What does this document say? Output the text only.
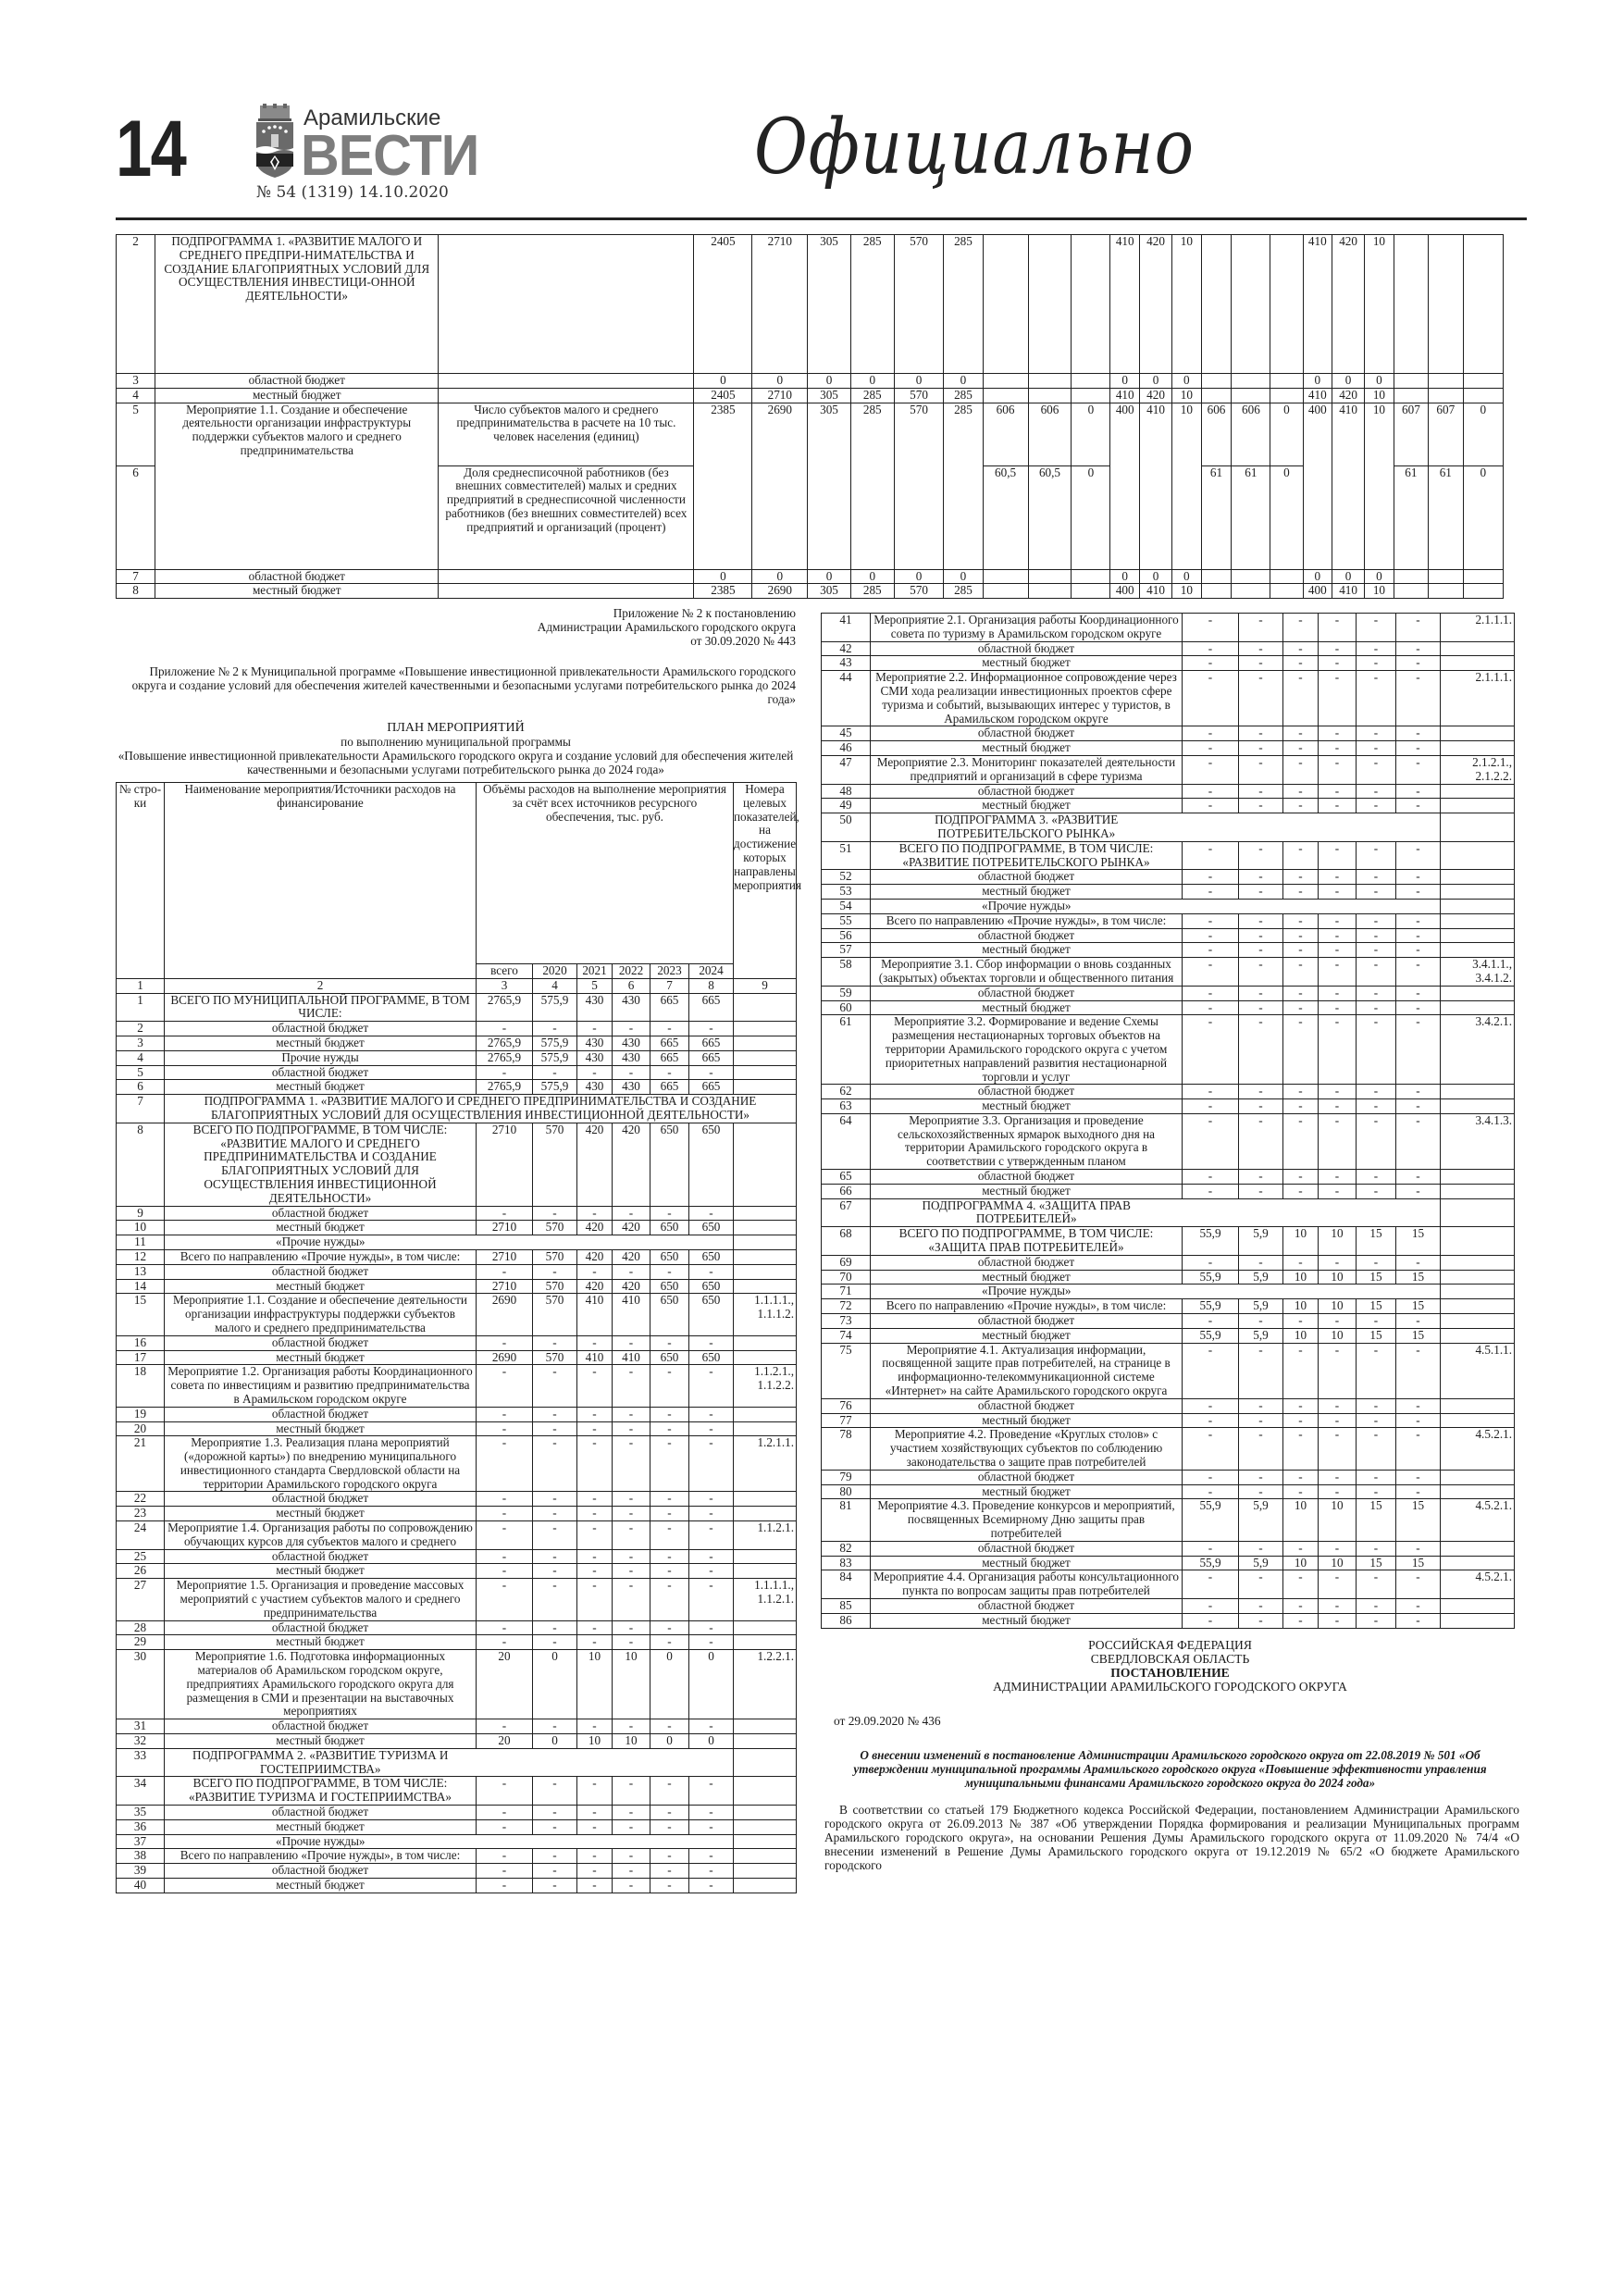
14	Арамильские
ВЕСТИ
№ 54 (1319) 14.10.2020
Официально
2	ПОДПРОГРАММА 1. «РАЗВИТИЕ МАЛОГО И СРЕДНЕГО ПРЕДПРИ-НИМАТЕЛЬСТВА И СОЗДАНИЕ БЛАГОПРИЯТНЫХ УСЛОВИЙ ДЛЯ ОСУЩЕСТВЛЕНИЯ ИНВЕСТИЦИ-ОННОЙ ДЕЯТЕЛЬНОСТИ»		2405	2710	305	285	570	285				410	420	10				410	420	10			
3	областной бюджет		0	0	0	0	0	0				0	0	0				0	0	0			
4	местный бюджет		2405	2710	305	285	570	285				410	420	10				410	420	10			
5	Мероприятие 1.1. Создание и обеспечение деятельности организации инфраструктуры поддержки субъектов малого и среднего предпринимательства	Число субъектов малого и среднего предпринимательства в расчете на 10 тыс. человек населения (единиц)	2385	2690	305	285	570	285	606	606	0	400	410	10	606	606	0	400	410	10	607	607	0
6		Доля среднесписочной работников (без внешних совместителей) малых и средних предприятий в среднесписочной численности работников (без внешних совместителей) всех предприятий и организаций (процент)							60,5	60,5	0				61	61	0				61	61	0
7	областной бюджет		0	0	0	0	0	0				0	0	0				0	0	0			
8	местный бюджет		2385	2690	305	285	570	285				400	410	10				400	410	10			
Приложение № 2 к постановлению
Администрации Арамильского городского округа
от 30.09.2020 № 443
Приложение № 2 к Муниципальной программе «Повышение инвестиционной привлекательности Арамильского городского округа и создание условий для обеспечения жителей качественными и безопасными услугами потребительского рынка до 2024 года»
ПЛАН МЕРОПРИЯТИЙ
по выполнению муниципальной программы
«Повышение инвестиционной привлекательности Арамильского городского округа и создание условий для обеспечения жителей качественными и безопасными услугами потребительского рынка до 2024 года»
№ стро-ки	Наименование мероприятия/Источники расходов на финансирование	Объёмы расходов на выполнение мероприятия за счёт всех источников ресурсного обеспечения, тыс. руб.						Номера целевых показателей, на достижение которых направлены мероприятия
		всего	2020	2021	2022	2023	2024	
1	2	3	4	5	6	7	8	9
1	ВСЕГО ПО МУНИЦИПАЛЬНОЙ ПРОГРАММЕ, В ТОМ ЧИСЛЕ:	2765,9	575,9	430	430	665	665	
2	областной бюджет	-	-	-	-	-	-	
3	местный бюджет	2765,9	575,9	430	430	665	665	
4	Прочие нужды	2765,9	575,9	430	430	665	665	
5	областной бюджет	-	-	-	-	-	-	
6	местный бюджет	2765,9	575,9	430	430	665	665	
7	ПОДПРОГРАММА 1. «РАЗВИТИЕ МАЛОГО И СРЕДНЕГО ПРЕДПРИНИМАТЕЛЬСТВА И СОЗДАНИЕ БЛАГОПРИЯТНЫХ УСЛОВИЙ ДЛЯ ОСУЩЕСТВЛЕНИЯ ИНВЕСТИЦИОННОЙ ДЕЯТЕЛЬНОСТИ»							
8	ВСЕГО ПО ПОДПРОГРАММЕ, В ТОМ ЧИСЛЕ: «РАЗВИТИЕ МАЛОГО И СРЕДНЕГО ПРЕДПРИНИМАТЕЛЬСТВА И СОЗДАНИЕ БЛАГОПРИЯТНЫХ УСЛОВИЙ ДЛЯ ОСУЩЕСТВЛЕНИЯ ИНВЕСТИЦИОННОЙ ДЕЯТЕЛЬНОСТИ»	2710	570	420	420	650	650	
9	областной бюджет	-	-	-	-	-	-	
10	местный бюджет	2710	570	420	420	650	650	
11	«Прочие нужды»							
12	Всего по направлению «Прочие нужды», в том числе:	2710	570	420	420	650	650	
13	областной бюджет	-	-	-	-	-	-	
14	местный бюджет	2710	570	420	420	650	650	
15	Мероприятие 1.1. Создание и обеспечение деятельности организации инфраструктуры поддержки субъектов малого и среднего предпринимательства	2690	570	410	410	650	650	1.1.1.1., 1.1.1.2.
16	областной бюджет	-	-	-	-	-	-	
17	местный бюджет	2690	570	410	410	650	650	
18	Мероприятие 1.2. Организация работы Координационного совета по инвестициям и развитию предпринимательства в Арамильском городском округе	-	-	-	-	-	-	1.1.2.1., 1.1.2.2.
19	областной бюджет	-	-	-	-	-	-	
20	местный бюджет	-	-	-	-	-	-	
21	Мероприятие 1.3. Реализация плана мероприятий («дорожной карты») по внедрению муниципального инвестиционного стандарта Свердловской области на территории Арамильского городского округа	-	-	-	-	-	-	1.2.1.1.
22	областной бюджет	-	-	-	-	-	-	
23	местный бюджет	-	-	-	-	-	-	
24	Мероприятие 1.4. Организация работы по сопровождению обучающих курсов для субъектов малого и среднего	-	-	-	-	-	-	1.1.2.1.
25	областной бюджет	-	-	-	-	-	-	
26	местный бюджет	-	-	-	-	-	-	
27	Мероприятие 1.5. Организация и проведение массовых мероприятий с участием субъектов малого и среднего предпринимательства	-	-	-	-	-	-	1.1.1.1., 1.1.2.1.
28	областной бюджет	-	-	-	-	-	-	
29	местный бюджет	-	-	-	-	-	-	
30	Мероприятие 1.6. Подготовка информационных материалов об Арамильском городском округе, предприятиях Арамильского городского округа для размещения в СМИ и презентации на выставочных мероприятиях	20	0	10	10	0	0	1.2.2.1.
31	областной бюджет	-	-	-	-	-	-	
32	местный бюджет	20	0	10	10	0	0	
33	ПОДПРОГРАММА 2. «РАЗВИТИЕ ТУРИЗМА И ГОСТЕПРИИМСТВА»							
34	ВСЕГО ПО ПОДПРОГРАММЕ, В ТОМ ЧИСЛЕ: «РАЗВИТИЕ ТУРИЗМА И ГОСТЕПРИИМСТВА»	-	-	-	-	-	-	
35	областной бюджет	-	-	-	-	-	-	
36	местный бюджет	-	-	-	-	-	-	
37	«Прочие нужды»							
38	Всего по направлению «Прочие нужды», в том числе:	-	-	-	-	-	-	
39	областной бюджет	-	-	-	-	-	-	
40	местный бюджет	-	-	-	-	-	-	
41	Мероприятие 2.1. Организация работы Координационного совета по туризму в Арамильском городском округе	-	-	-	-	-	-	2.1.1.1.
42	областной бюджет	-	-	-	-	-	-	
43	местный бюджет	-	-	-	-	-	-	
44	Мероприятие 2.2. Информационное сопровождение через СМИ хода реализации инвестиционных проектов сфере туризма и событий, вызывающих интерес у туристов, в Арамильском городском округе	-	-	-	-	-	-	2.1.1.1.
45	областной бюджет	-	-	-	-	-	-	
46	местный бюджет	-	-	-	-	-	-	
47	Мероприятие 2.3. Мониторинг показателей деятельности предприятий и организаций в сфере туризма	-	-	-	-	-	-	2.1.2.1., 2.1.2.2.
48	областной бюджет	-	-	-	-	-	-	
49	местный бюджет	-	-	-	-	-	-	
50	ПОДПРОГРАММА 3. «РАЗВИТИЕ ПОТРЕБИТЕЛЬСКОГО РЫНКА»							
51	ВСЕГО ПО ПОДПРОГРАММЕ, В ТОМ ЧИСЛЕ: «РАЗВИТИЕ ПОТРЕБИТЕЛЬСКОГО РЫНКА»	-	-	-	-	-	-	
52	областной бюджет	-	-	-	-	-	-	
53	местный бюджет	-	-	-	-	-	-	
54	«Прочие нужды»							
55	Всего по направлению «Прочие нужды», в том числе:	-	-	-	-	-	-	
56	областной бюджет	-	-	-	-	-	-	
57	местный бюджет	-	-	-	-	-	-	
58	Мероприятие 3.1. Сбор информации о вновь созданных (закрытых) объектах торговли и общественного питания	-	-	-	-	-	-	3.4.1.1., 3.4.1.2.
59	областной бюджет	-	-	-	-	-	-	
60	местный бюджет	-	-	-	-	-	-	
61	Мероприятие 3.2. Формирование и ведение Схемы размещения нестационарных торговых объектов на территории Арамильского городского округа с учетом приоритетных направлений развития нестационарной торговли и услуг	-	-	-	-	-	-	3.4.2.1.
62	областной бюджет	-	-	-	-	-	-	
63	местный бюджет	-	-	-	-	-	-	
64	Мероприятие 3.3. Организация и проведение сельскохозяйственных ярмарок выходного дня на территории Арамильского городского округа в соответствии с утвержденным планом	-	-	-	-	-	-	3.4.1.3.
65	областной бюджет	-	-	-	-	-	-	
66	местный бюджет	-	-	-	-	-	-	
67	ПОДПРОГРАММА 4. «ЗАЩИТА ПРАВ ПОТРЕБИТЕЛЕЙ»							
68	ВСЕГО ПО ПОДПРОГРАММЕ, В ТОМ ЧИСЛЕ: «ЗАЩИТА ПРАВ ПОТРЕБИТЕЛЕЙ»	55,9	5,9	10	10	15	15	
69	областной бюджет	-	-	-	-	-	-	
70	местный бюджет	55,9	5,9	10	10	15	15	
71	«Прочие нужды»							
72	Всего по направлению «Прочие нужды», в том числе:	55,9	5,9	10	10	15	15	
73	областной бюджет	-	-	-	-	-	-	
74	местный бюджет	55,9	5,9	10	10	15	15	
75	Мероприятие 4.1. Актуализация информации, посвященной защите прав потребителей, на странице в информационно-телекоммуникационной системе «Интернет» на сайте Арамильского городского округа	-	-	-	-	-	-	4.5.1.1.
76	областной бюджет	-	-	-	-	-	-	
77	местный бюджет	-	-	-	-	-	-	
78	Мероприятие 4.2. Проведение «Круглых столов» с участием хозяйствующих субъектов по соблюдению законодательства о защите прав потребителей	-	-	-	-	-	-	4.5.2.1.
79	областной бюджет	-	-	-	-	-	-	
80	местный бюджет	-	-	-	-	-	-	
81	Мероприятие 4.3. Проведение конкурсов и мероприятий, посвященных Всемирному Дню защиты прав потребителей	55,9	5,9	10	10	15	15	4.5.2.1.
82	областной бюджет	-	-	-	-	-	-	
83	местный бюджет	55,9	5,9	10	10	15	15	
84	Мероприятие 4.4. Организация работы консультационного пункта по вопросам защиты прав потребителей	-	-	-	-	-	-	4.5.2.1.
85	областной бюджет	-	-	-	-	-	-	
86	местный бюджет	-	-	-	-	-	-	
РОССИЙСКАЯ ФЕДЕРАЦИЯ
СВЕРДЛОВСКАЯ ОБЛАСТЬ
ПОСТАНОВЛЕНИЕ
АДМИНИСТРАЦИИ АРАМИЛЬСКОГО ГОРОДСКОГО ОКРУГА
от 29.09.2020 № 436
О внесении изменений в постановление Администрации Арамильского городского округа от 22.08.2019 № 501 «Об утверждении муниципальной программы Арамильского городского округа «Повышение эффективности управления муниципальными финансами Арамильского городского округа до 2024 года»
В соответствии со статьей 179 Бюджетного кодекса Российской Федерации, постановлением Администрации Арамильского городского округа от 26.09.2013 № 387 «Об утверждении Порядка формирования и реализации Муниципальных программ Арамильского городского округа», на основании Решения Думы Арамильского городского округа от 11.09.2020 № 74/4 «О внесении изменений в Решение Думы Арамильского городского округа от 19.12.2019 № 65/2 «О бюджете Арамильского городского
